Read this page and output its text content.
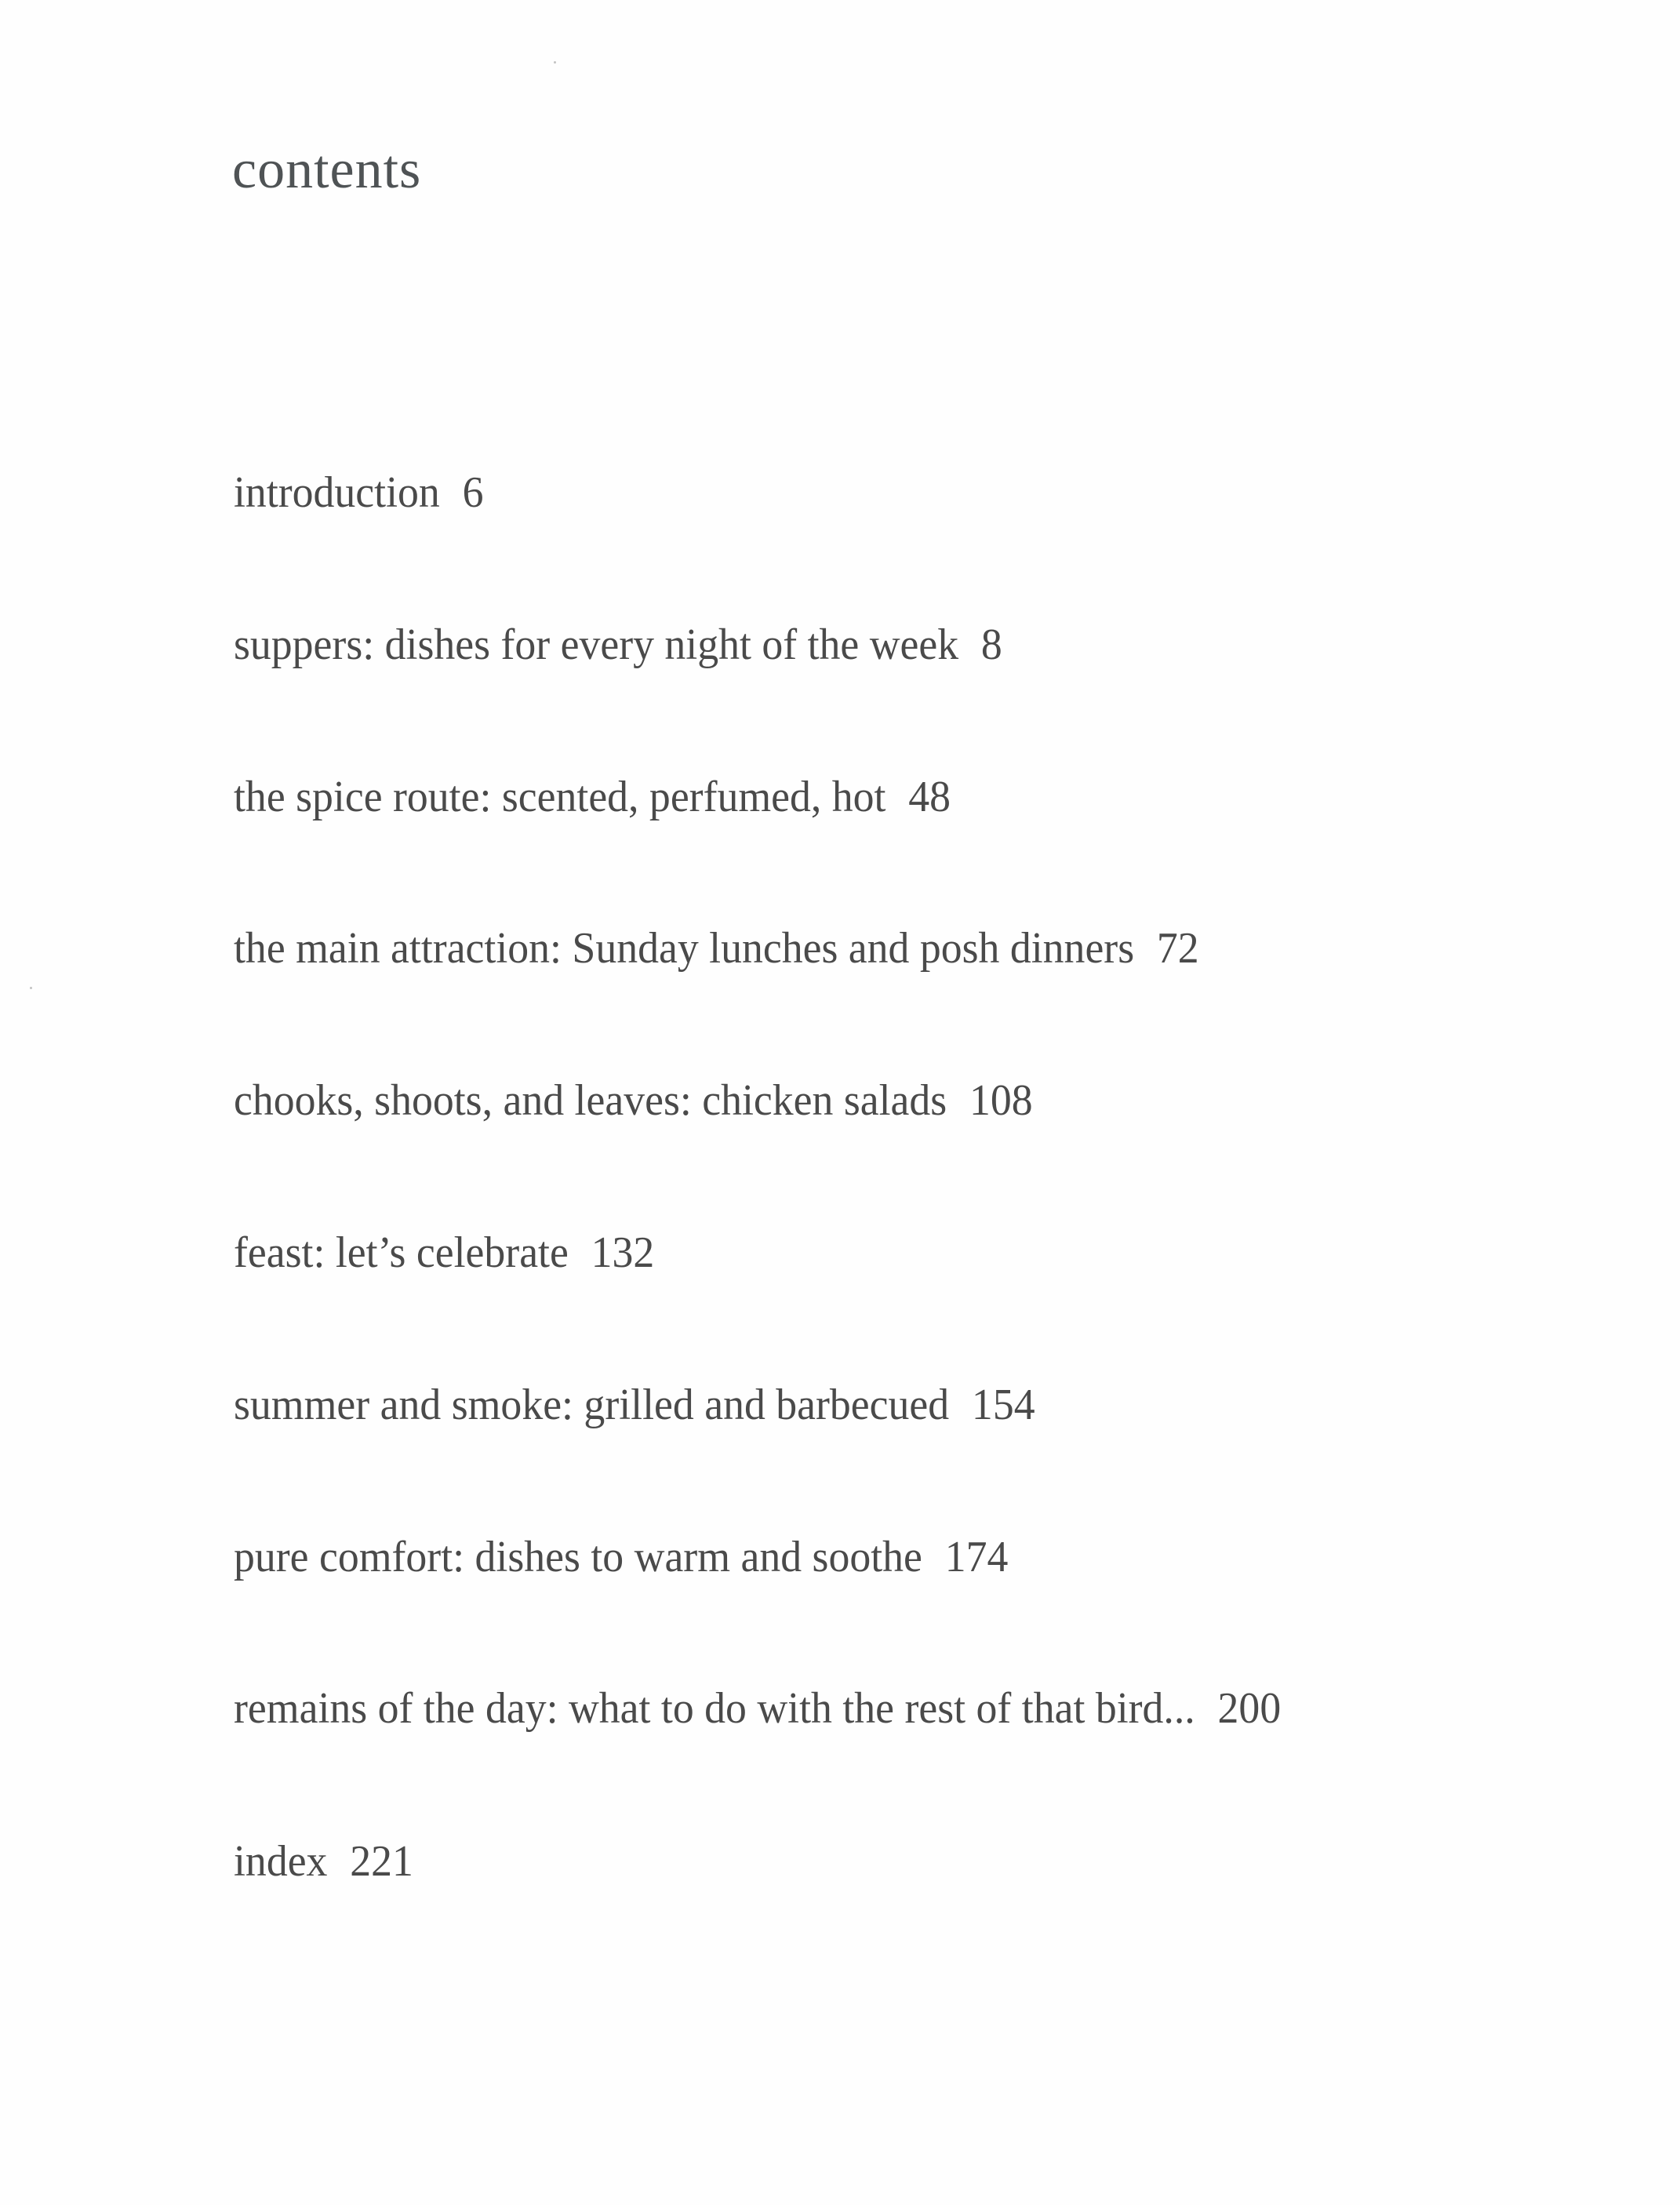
contents
introduction 6
suppers: dishes for every night of the week 8
the spice route: scented, perfumed, hot 48
the main attraction: Sunday lunches and posh dinners 72
chooks, shoots, and leaves: chicken salads 108
feast: let’s celebrate 132
summer and smoke: grilled and barbecued 154
pure comfort: dishes to warm and soothe 174
remains of the day: what to do with the rest of that bird... 200
index 221
